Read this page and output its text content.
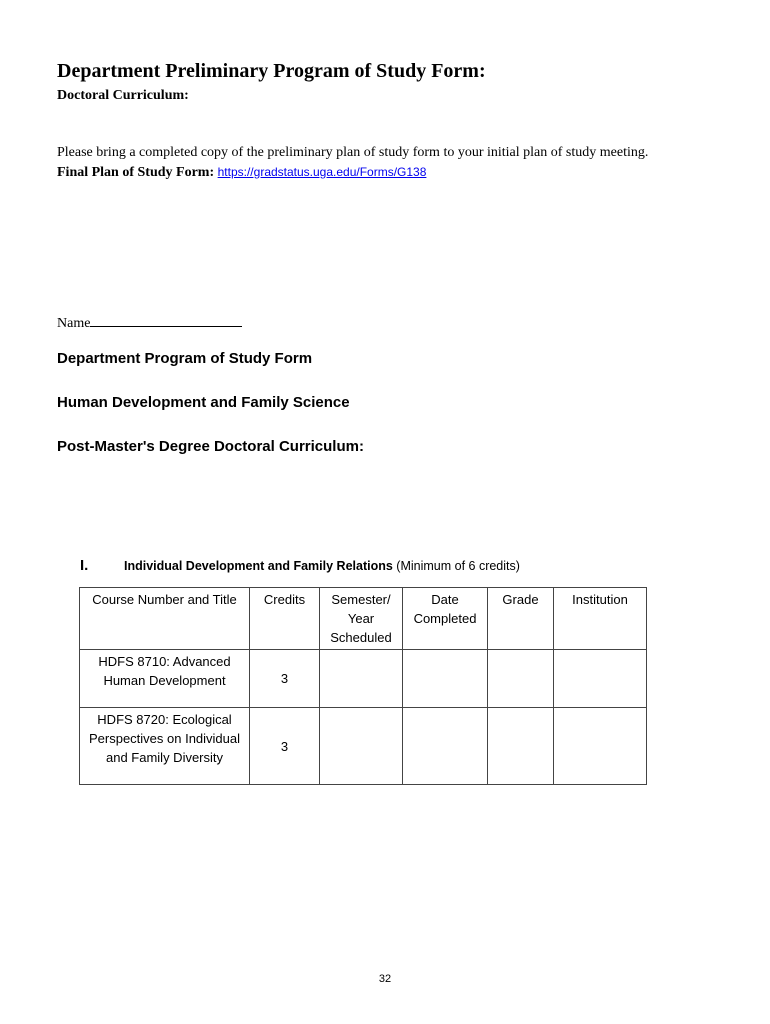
Department Preliminary Program of Study Form:
Doctoral Curriculum:
Please bring a completed copy of the preliminary plan of study form to your initial plan of study meeting.
Final Plan of Study Form: https://gradstatus.uga.edu/Forms/G138
Name
Department Program of Study Form
Human Development and Family Science
Post-Master's Degree Doctoral Curriculum:
I.	Individual Development and Family Relations (Minimum of 6 credits)
Course Number and Title	Credits	Semester/ Year Scheduled	Date Completed	Grade	Institution
HDFS 8710: Advanced Human Development	3				
HDFS 8720: Ecological Perspectives on Individual and Family Diversity	3				
32
